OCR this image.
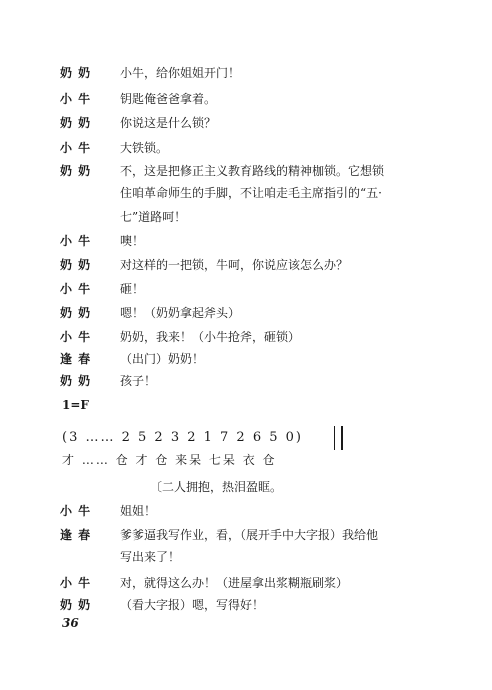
奶 奶	小牛，给你姐姐开门！
小 牛	钥匙俺爸爸拿着。
奶 奶	你说这是什么锁？
小 牛	大铁锁。
奶 奶	不，这是把修正主义教育路线的精神枷锁。它想锁
住咱革命师生的手脚，不让咱走毛主席指引的“五·
七”道路呵！
小 牛	噢！
奶 奶	对这样的一把锁，牛呵，你说应该怎么办？
小 牛	砸！
奶 奶	嗯！（奶奶拿起斧头）
小 牛	奶奶，我来！（小牛抢斧，砸锁）
逢 春	（出门）奶奶！
奶 奶	孩子！
1=F
(3 …… 2 5 2 3 2 1 7 2 6 5 0)
才 …… 仓 才 仓 来呆 七呆 衣 仓
〔二人拥抱，热泪盈眶。
小 牛	姐姐！
逢 春	爹爹逼我写作业，看，（展开手中大字报）我给他
写出来了！
小 牛	对，就得这么办！（进屋拿出浆糊瓶刷浆）
奶 奶	（看大字报）嗯，写得好！
36
